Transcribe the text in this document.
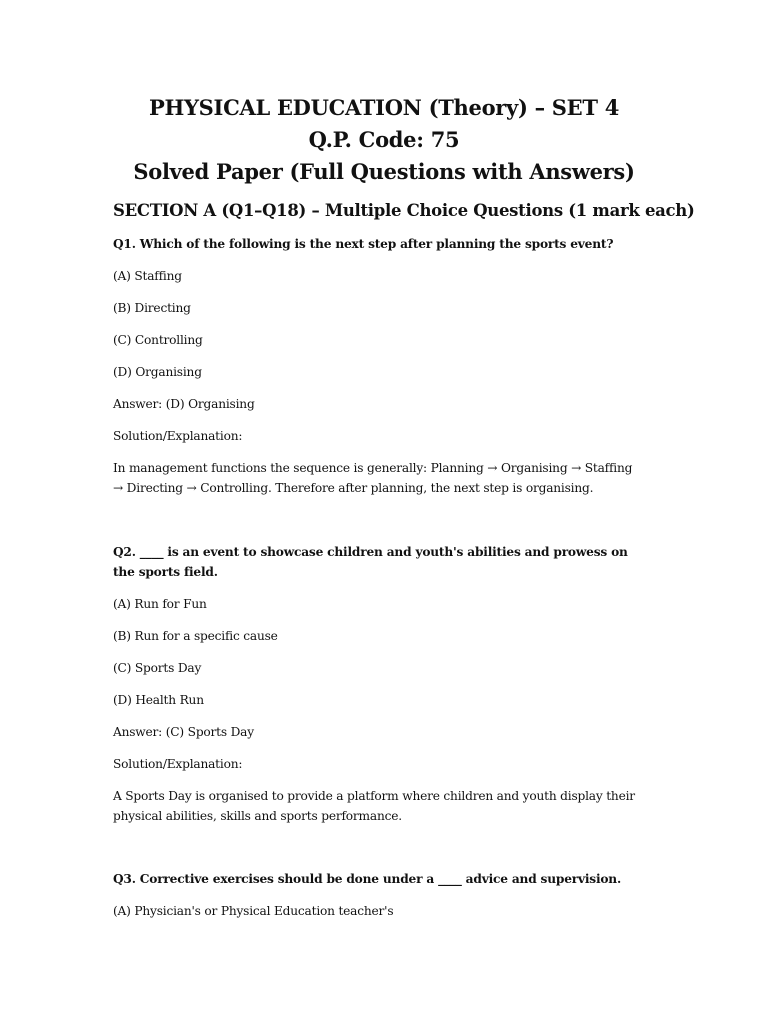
PHYSICAL EDUCATION (Theory) – SET 4
Q.P. Code: 75
Solved Paper (Full Questions with Answers)
SECTION A (Q1–Q18) – Multiple Choice Questions (1 mark each)
Q1. Which of the following is the next step after planning the sports event?
(A) Staffing
(B) Directing
(C) Controlling
(D) Organising
Answer: (D) Organising
Solution/Explanation:
In management functions the sequence is generally: Planning → Organising → Staffing → Directing → Controlling. Therefore after planning, the next step is organising.
Q2. ____ is an event to showcase children and youth's abilities and prowess on the sports field.
(A) Run for Fun
(B) Run for a specific cause
(C) Sports Day
(D) Health Run
Answer: (C) Sports Day
Solution/Explanation:
A Sports Day is organised to provide a platform where children and youth display their physical abilities, skills and sports performance.
Q3. Corrective exercises should be done under a ____ advice and supervision.
(A) Physician's or Physical Education teacher's
